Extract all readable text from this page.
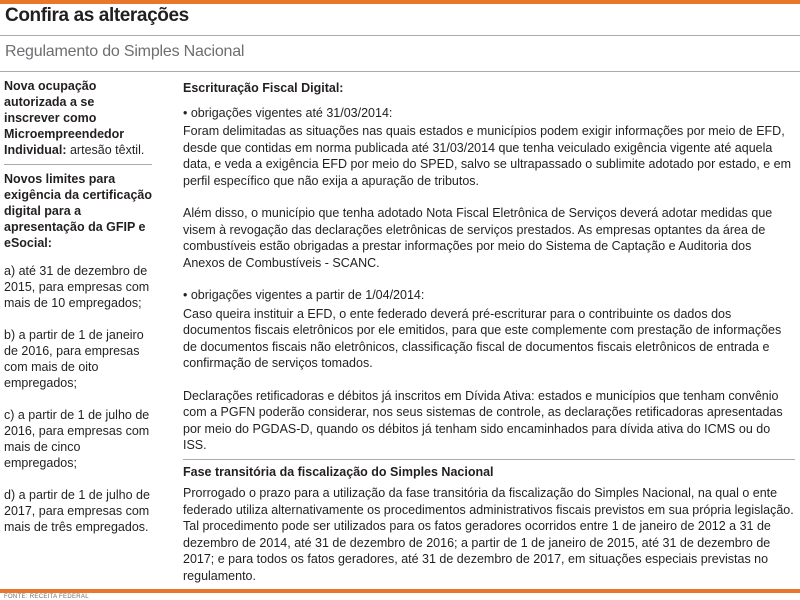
Confira as alterações
Regulamento do Simples Nacional

Nova ocupação autorizada a se inscrever como Microempreendedor Individual: artesão têxtil.

Novos limites para exigência da certificação digital para a apresentação da GFIP e eSocial:

a) até 31 de dezembro de 2015, para empresas com mais de 10 empregados;

b) a partir de 1 de janeiro de 2016, para empresas com mais de oito empregados;

c) a partir de 1 de julho de 2016, para empresas com mais de cinco empregados;

d) a partir de 1 de julho de 2017, para empresas com mais de três empregados.

Escrituração Fiscal Digital:

• obrigações vigentes até 31/03/2014:

Foram delimitadas as situações nas quais estados e municípios podem exigir informações por meio de EFD, desde que contidas em norma publicada até 31/03/2014 que tenha veiculado exigência vigente até aquela data, e veda a exigência EFD por meio do SPED, salvo se ultrapassado o sublimite adotado por estado, e em perfil específico que não exija a apuração de tributos.

Além disso, o município que tenha adotado Nota Fiscal Eletrônica de Serviços deverá adotar medidas que visem à revogação das declarações eletrônicas de serviços prestados. As empresas optantes da área de combustíveis estão obrigadas a prestar informações por meio do Sistema de Captação e Auditoria dos Anexos de Combustíveis - SCANC.

• obrigações vigentes a partir de 1/04/2014:

Caso queira instituir a EFD, o ente federado deverá pré-escriturar para o contribuinte os dados dos documentos fiscais eletrônicos por ele emitidos, para que este complemente com prestação de informações de documentos fiscais não eletrônicos, classificação fiscal de documentos fiscais eletrônicos de entrada e confirmação de serviços tomados.

Declarações retificadoras e débitos já inscritos em Dívida Ativa: estados e municípios que tenham convênio com a PGFN poderão considerar, nos seus sistemas de controle, as declarações retificadoras apresentadas por meio do PGDAS-D, quando os débitos já tenham sido encaminhados para dívida ativa do ICMS ou do ISS.

Fase transitória da fiscalização do Simples Nacional

Prorrogado o prazo para a utilização da fase transitória da fiscalização do Simples Nacional, na qual o ente federado utiliza alternativamente os procedimentos administrativos fiscais previstos em sua própria legislação. Tal procedimento pode ser utilizados para os fatos geradores ocorridos entre 1 de janeiro de 2012 a 31 de dezembro de 2014, até 31 de dezembro de 2016; a partir de 1 de janeiro de 2015, até 31 de dezembro de 2017; e para todos os fatos geradores, até 31 de dezembro de 2017, em situações especiais previstas no regulamento.

FONTE: RECEITA FEDERAL
